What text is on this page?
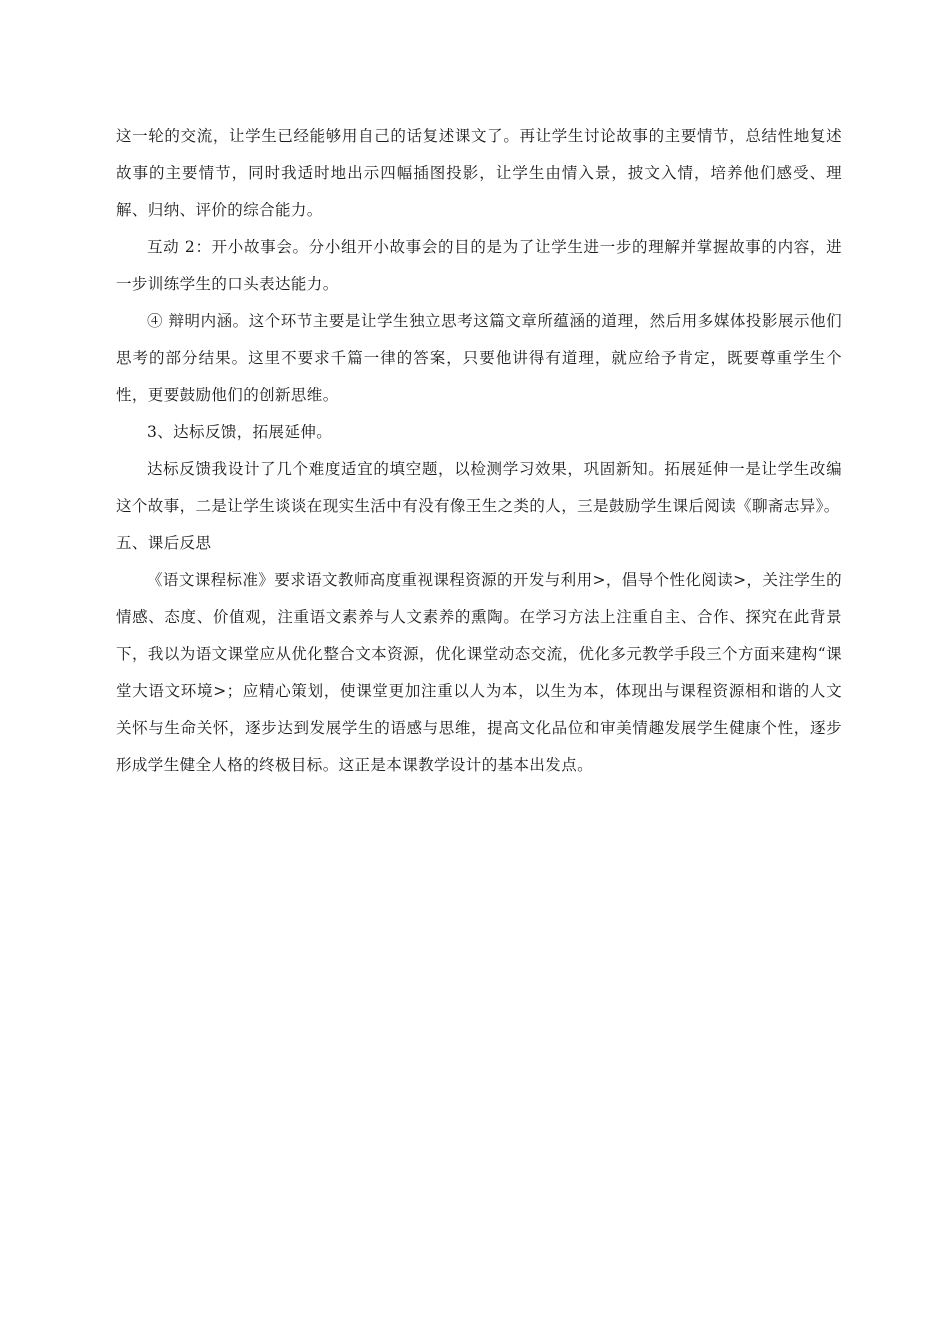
这一轮的交流，让学生已经能够用自己的话复述课文了。再让学生讨论故事的主要情节，总结性地复述故事的主要情节，同时我适时地出示四幅插图投影，让学生由情入景，披文入情，培养他们感受、理解、归纳、评价的综合能力。

互动 2：开小故事会。分小组开小故事会的目的是为了让学生进一步的理解并掌握故事的内容，进一步训练学生的口头表达能力。

④ 辩明内涵。这个环节主要是让学生独立思考这篇文章所蕴涵的道理，然后用多媒体投影展示他们思考的部分结果。这里不要求千篇一律的答案，只要他讲得有道理，就应给予肯定，既要尊重学生个性，更要鼓励他们的创新思维。

3、达标反馈，拓展延伸。

达标反馈我设计了几个难度适宜的填空题，以检测学习效果，巩固新知。拓展延伸一是让学生改编这个故事，二是让学生谈谈在现实生活中有没有像王生之类的人，三是鼓励学生课后阅读《聊斋志异》。

五、课后反思

《语文课程标准》要求语文教师高度重视课程资源的开发与利用>，倡导个性化阅读>，关注学生的情感、态度、价值观，注重语文素养与人文素养的熏陶。在学习方法上注重自主、合作、探究在此背景下，我以为语文课堂应从优化整合文本资源，优化课堂动态交流，优化多元教学手段三个方面来建构“课堂大语文环境>；应精心策划，使课堂更加注重以人为本，以生为本，体现出与课程资源相和谐的人文关怀与生命关怀，逐步达到发展学生的语感与思维，提高文化品位和审美情趣发展学生健康个性，逐步形成学生健全人格的终极目标。这正是本课教学设计的基本出发点。
